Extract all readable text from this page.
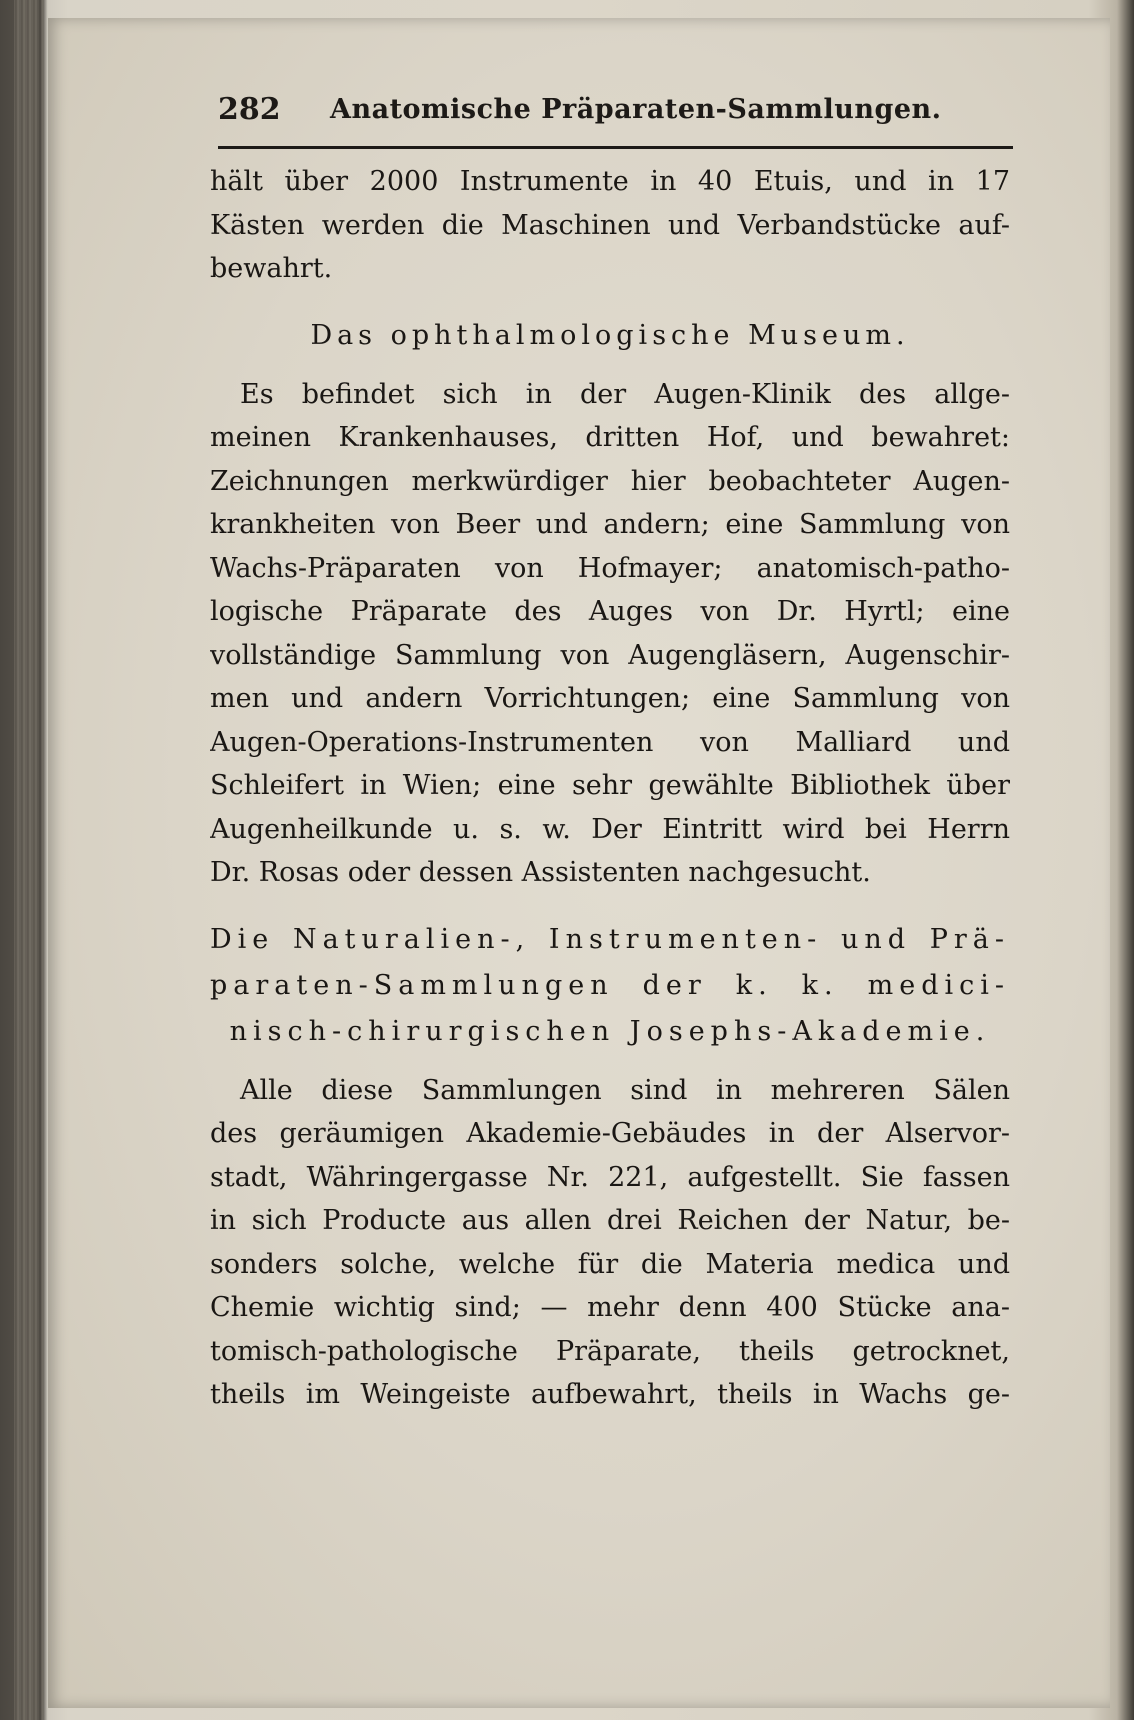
282 Anatomische Präparaten-Sammlungen.
hält über 2000 Instrumente in 40 Etuis, und in 17
Kästen werden die Maschinen und Verbandstücke auf-
bewahrt.
Das ophthalmologische Museum.
Es befindet sich in der Augen-Klinik des allge-
meinen Krankenhauses, dritten Hof, und bewahret:
Zeichnungen merkwürdiger hier beobachteter Augen-
krankheiten von Beer und andern; eine Sammlung von
Wachs-Präparaten von Hofmayer; anatomisch-patho-
logische Präparate des Auges von Dr. Hyrtl; eine
vollständige Sammlung von Augengläsern, Augenschir-
men und andern Vorrichtungen; eine Sammlung von
Augen-Operations-Instrumenten von Malliard und
Schleifert in Wien; eine sehr gewählte Bibliothek über
Augenheilkunde u. s. w. Der Eintritt wird bei Herrn
Dr. Rosas oder dessen Assistenten nachgesucht.
Die Naturalien-, Instrumenten- und Prä-
paraten-Sammlungen der k. k. medici-
nisch-chirurgischen Josephs-Akademie.
Alle diese Sammlungen sind in mehreren Sälen
des geräumigen Akademie-Gebäudes in der Alservor-
stadt, Währingergasse Nr. 221, aufgestellt. Sie fassen
in sich Producte aus allen drei Reichen der Natur, be-
sonders solche, welche für die Materia medica und
Chemie wichtig sind; — mehr denn 400 Stücke ana-
tomisch-pathologische Präparate, theils getrocknet,
theils im Weingeiste aufbewahrt, theils in Wachs ge-
